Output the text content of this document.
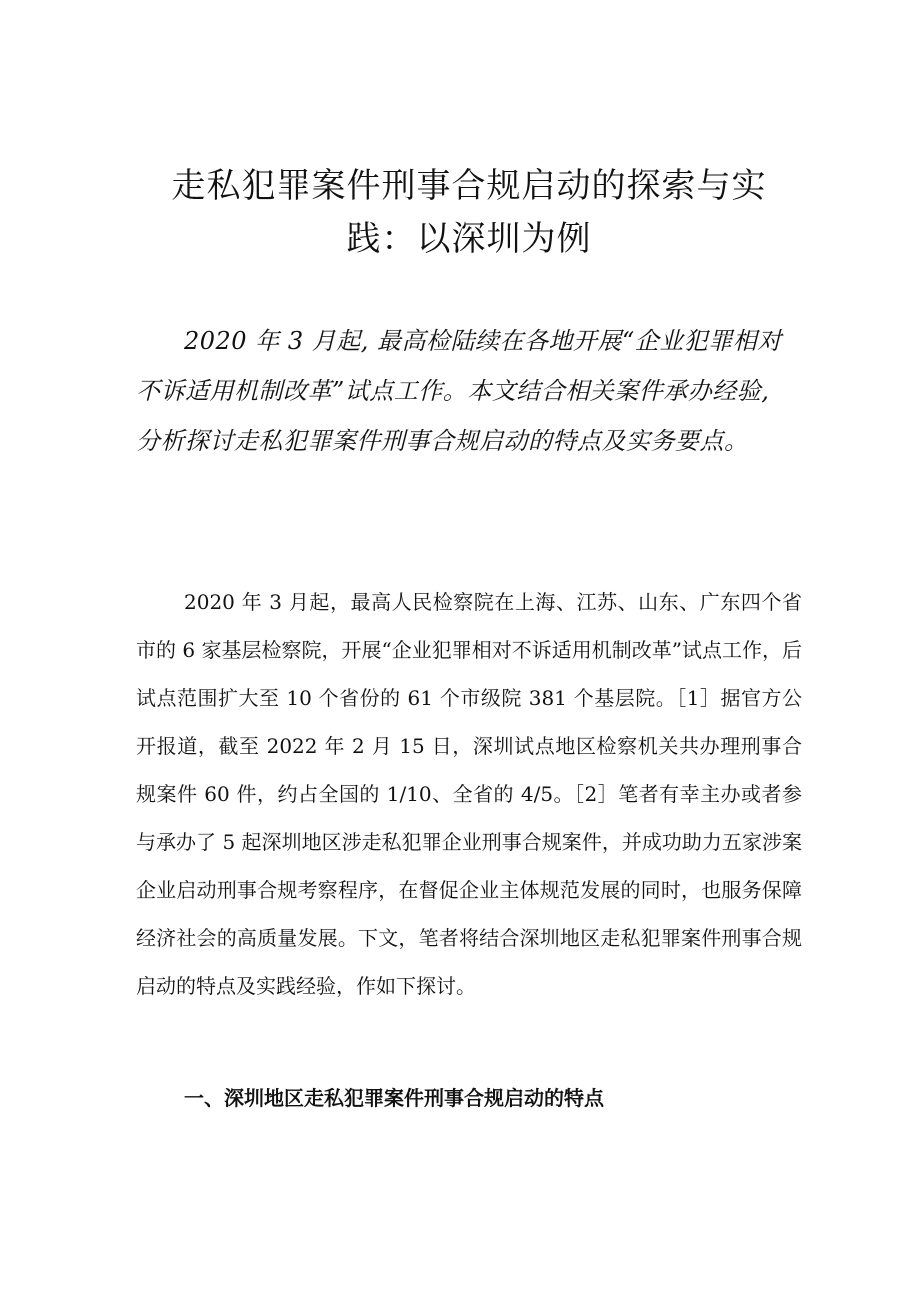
走私犯罪案件刑事合规启动的探索与实
践：以深圳为例

2020 年 3 月起, 最高检陆续在各地开展“企业犯罪相对不诉适用机制改革”试点工作。本文结合相关案件承办经验, 分析探讨走私犯罪案件刑事合规启动的特点及实务要点。

2020 年 3 月起，最高人民检察院在上海、江苏、山东、广东四个省市的 6 家基层检察院，开展“企业犯罪相对不诉适用机制改革”试点工作，后试点范围扩大至 10 个省份的 61 个市级院 381 个基层院。［1］据官方公开报道，截至 2022 年 2 月 15 日，深圳试点地区检察机关共办理刑事合规案件 60 件，约占全国的 1/10、全省的 4/5。［2］笔者有幸主办或者参与承办了 5 起深圳地区涉走私犯罪企业刑事合规案件，并成功助力五家涉案企业启动刑事合规考察程序，在督促企业主体规范发展的同时，也服务保障经济社会的高质量发展。下文，笔者将结合深圳地区走私犯罪案件刑事合规启动的特点及实践经验，作如下探讨。

一、深圳地区走私犯罪案件刑事合规启动的特点
